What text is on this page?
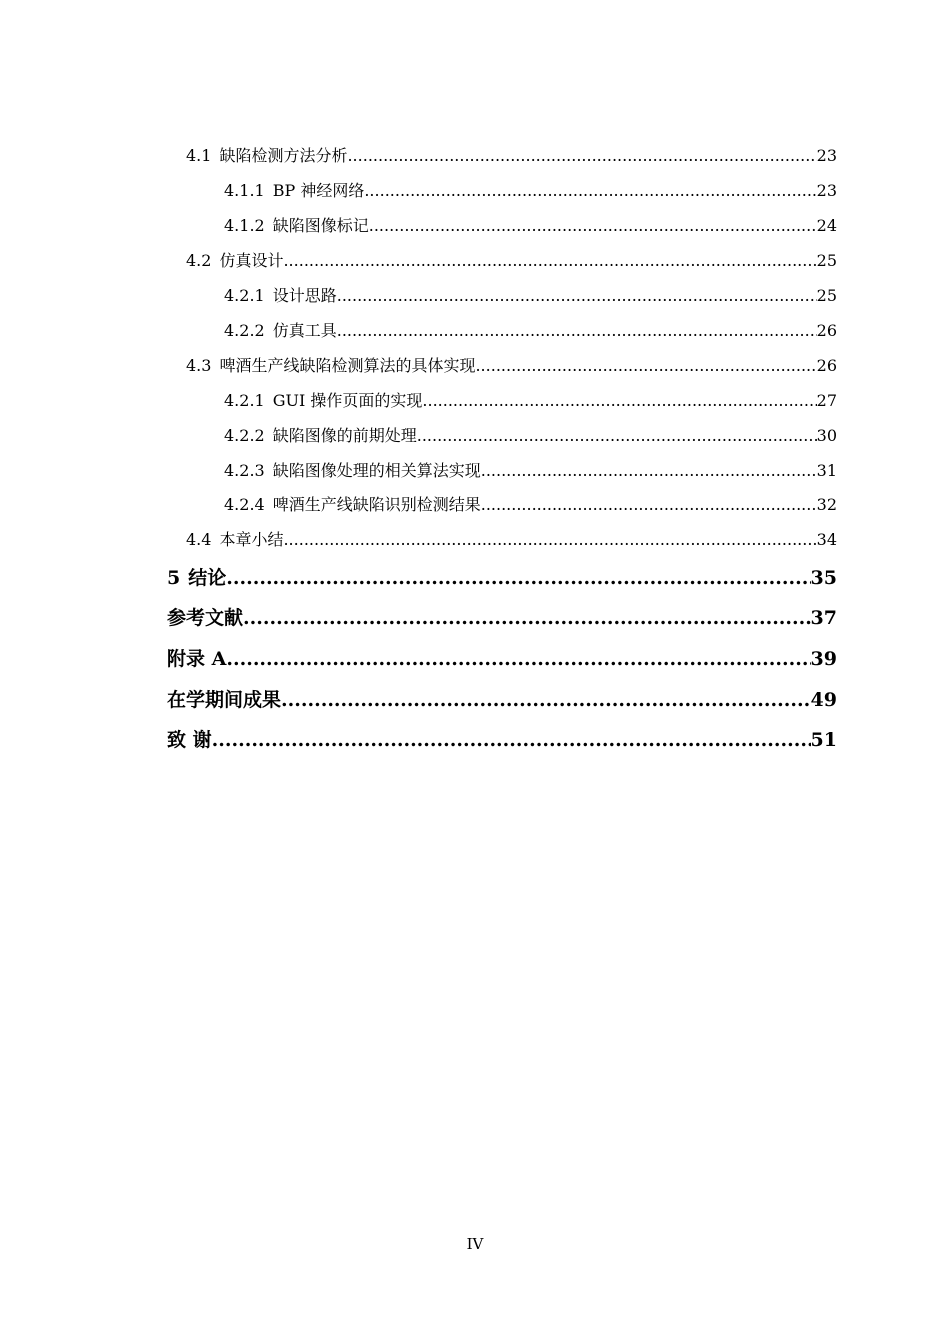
4.1 缺陷检测方法分析 .....	23
4.1.1 BP 神经网络 .....	23
4.1.2 缺陷图像标记 .....	24
4.2 仿真设计 .....	25
4.2.1 设计思路 .....	25
4.2.2 仿真工具 .....	26
4.3 啤酒生产线缺陷检测算法的具体实现 .....	26
4.2.1 GUI 操作页面的实现 .....	27
4.2.2 缺陷图像的前期处理 .....	30
4.2.3 缺陷图像处理的相关算法实现 .....	31
4.2.4 啤酒生产线缺陷识别检测结果 .....	32
4.4 本章小结 .....	34
5 结论 .....	35
参考文献 .....	37
附录 A .....	39
在学期间成果 .....	49
致 谢 .....	51
IV
